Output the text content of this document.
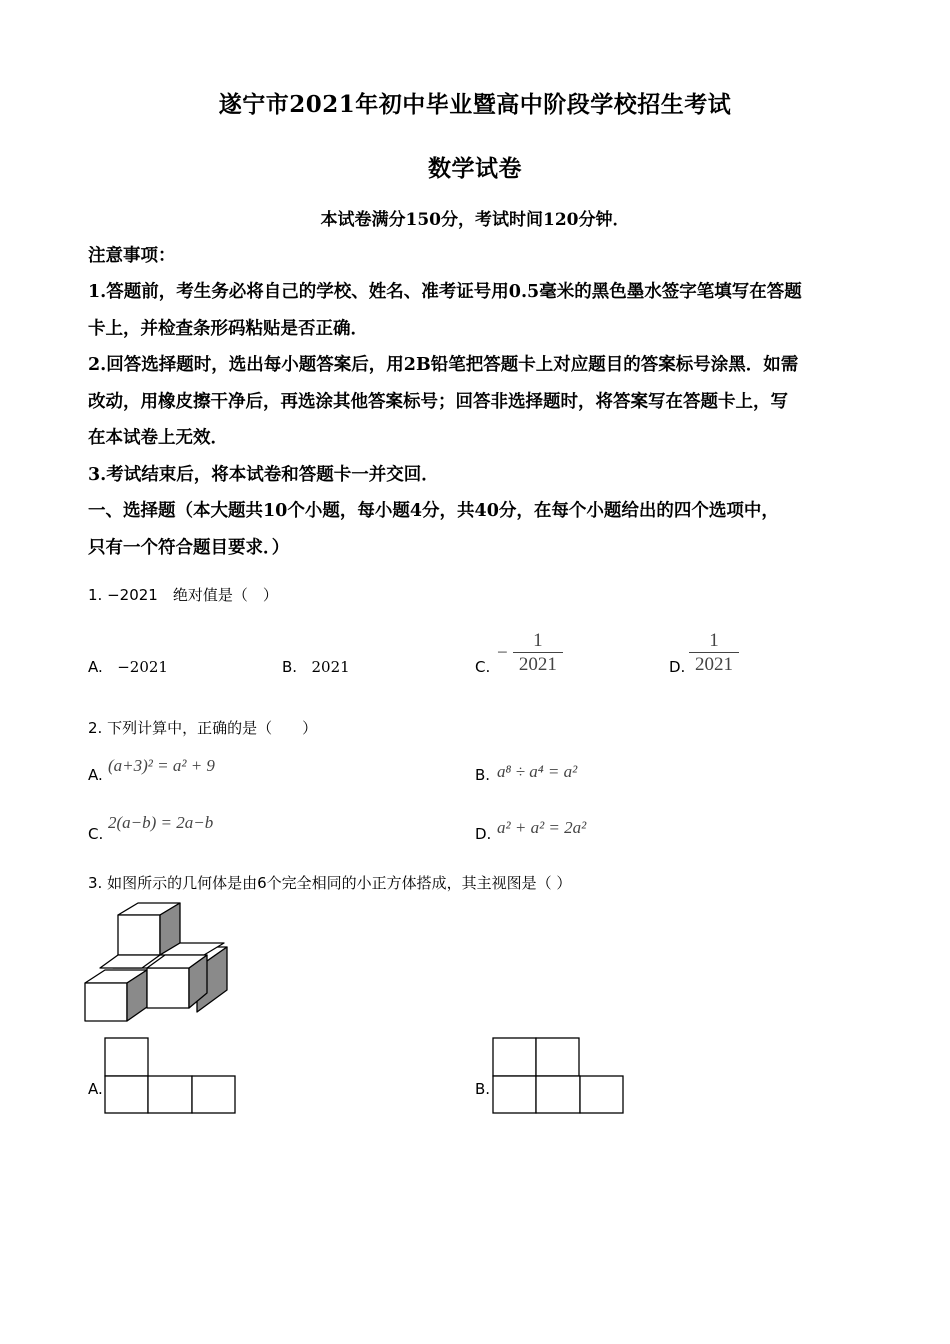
遂宁市2021年初中毕业暨高中阶段学校招生考试
数学试卷
本试卷满分150分，考试时间120分钟．
注意事项：
1.答题前，考生务必将自己的学校、姓名、准考证号用0.5毫米的黑色墨水签字笔填写在答题
卡上，并检查条形码粘贴是否正确．
2.回答选择题时，选出每小题答案后，用2B铅笔把答题卡上对应题目的答案标号涂黑．如需
改动，用橡皮擦干净后，再选涂其他答案标号；回答非选择题时，将答案写在答题卡上，写
在本试卷上无效．
3.考试结束后，将本试卷和答题卡一并交回．
一、选择题（本大题共10个小题，每小题4分，共40分，在每个小题给出的四个选项中，
只有一个符合题目要求．）
1. −2021　绝对值是（　）
A. −2021	B. 2021	C.
− $\frac{1}{2021}$	D. $\frac{1}{2021}$
2. 下列计算中，正确的是（　　）
A. (a+3)² = a² + 9	B. a⁸ ÷ a⁴ = a²
C.
2(a−b) = 2a−b
D. a² + a² = 2a²
3. 如图所示的几何体是由6个完全相同的小正方体搭成，其主视图是（ ）
A.	B.
